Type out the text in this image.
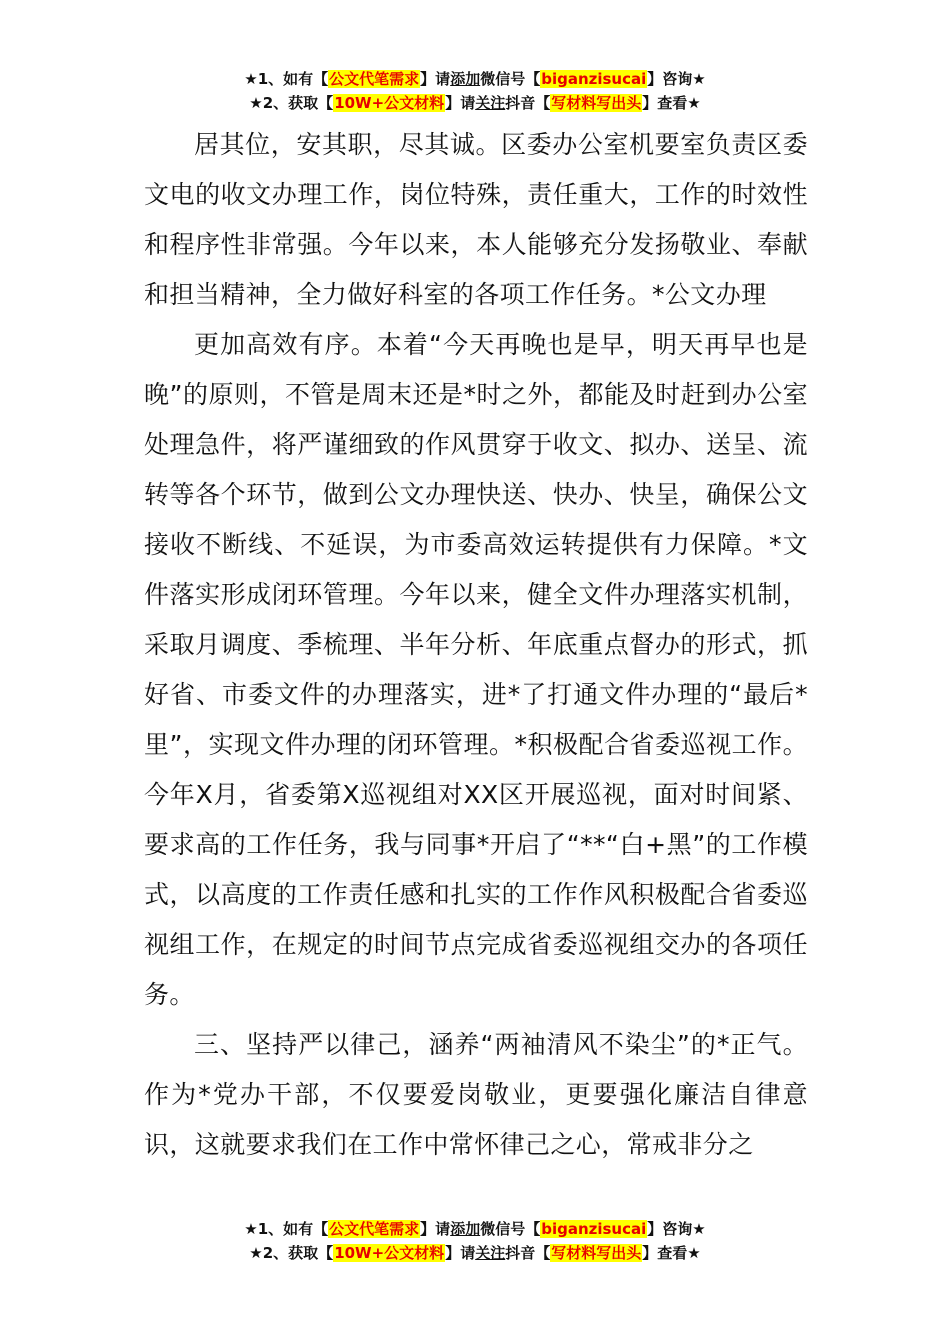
★1、如有【公文代笔需求】请添加微信号【biganzisucai】咨询★
★2、获取【10W+公文材料】请关注抖音【写材料写出头】查看★

居其位，安其职，尽其诚。区委办公室机要室负责区委文电的收文办理工作，岗位特殊，责任重大，工作的时效性和程序性非常强。今年以来，本人能够充分发扬敬业、奉献和担当精神，全力做好科室的各项工作任务。*公文办理

更加高效有序。本着“今天再晚也是早，明天再早也是晚”的原则，不管是周末还是*时之外，都能及时赶到办公室处理急件，将严谨细致的作风贯穿于收文、拟办、送呈、流转等各个环节，做到公文办理快送、快办、快呈，确保公文接收不断线、不延误，为市委高效运转提供有力保障。*文件落实形成闭环管理。今年以来，健全文件办理落实机制，采取月调度、季梳理、半年分析、年底重点督办的形式，抓好省、市委文件的办理落实，进*了打通文件办理的“最后*里”，实现文件办理的闭环管理。*积极配合省委巡视工作。今年X月，省委第X巡视组对XX区开展巡视，面对时间紧、要求高的工作任务，我与同事*开启了“**“白+黑”的工作模式，以高度的工作责任感和扎实的工作作风积极配合省委巡视组工作，在规定的时间节点完成省委巡视组交办的各项任务。

三、坚持严以律己，涵养“两袖清风不染尘”的*正气。作为*党办干部，不仅要爱岗敬业，更要强化廉洁自律意识，这就要求我们在工作中常怀律己之心，常戒非分之

★1、如有【公文代笔需求】请添加微信号【biganzisucai】咨询★
★2、获取【10W+公文材料】请关注抖音【写材料写出头】查看★
